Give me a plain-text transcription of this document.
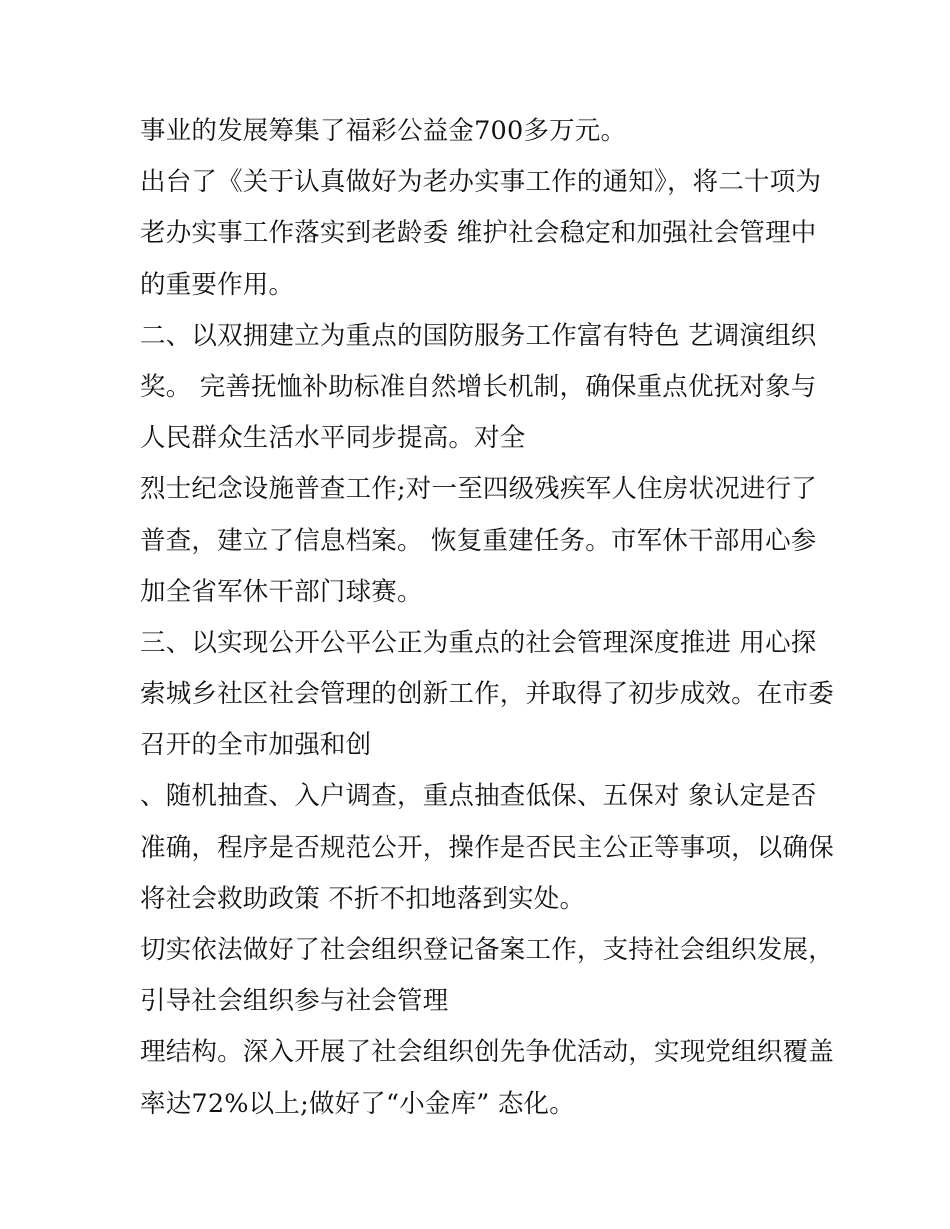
事业的发展筹集了福彩公益金700多万元。
出台了《关于认真做好为老办实事工作的通知》，将二十项为
老办实事工作落实到老龄委 维护社会稳定和加强社会管理中
的重要作用。
二、以双拥建立为重点的国防服务工作富有特色 艺调演组织
奖。 完善抚恤补助标准自然增长机制，确保重点优抚对象与
人民群众生活水平同步提高。对全
烈士纪念设施普查工作;对一至四级残疾军人住房状况进行了
普查，建立了信息档案。 恢复重建任务。市军休干部用心参
加全省军休干部门球赛。
三、以实现公开公平公正为重点的社会管理深度推进 用心探
索城乡社区社会管理的创新工作，并取得了初步成效。在市委
召开的全市加强和创
、随机抽查、入户调查，重点抽查低保、五保对 象认定是否
准确，程序是否规范公开，操作是否民主公正等事项，以确保
将社会救助政策 不折不扣地落到实处。
切实依法做好了社会组织登记备案工作，支持社会组织发展，
引导社会组织参与社会管理
理结构。深入开展了社会组织创先争优活动，实现党组织覆盖
率达72%以上;做好了“小金库” 态化。
